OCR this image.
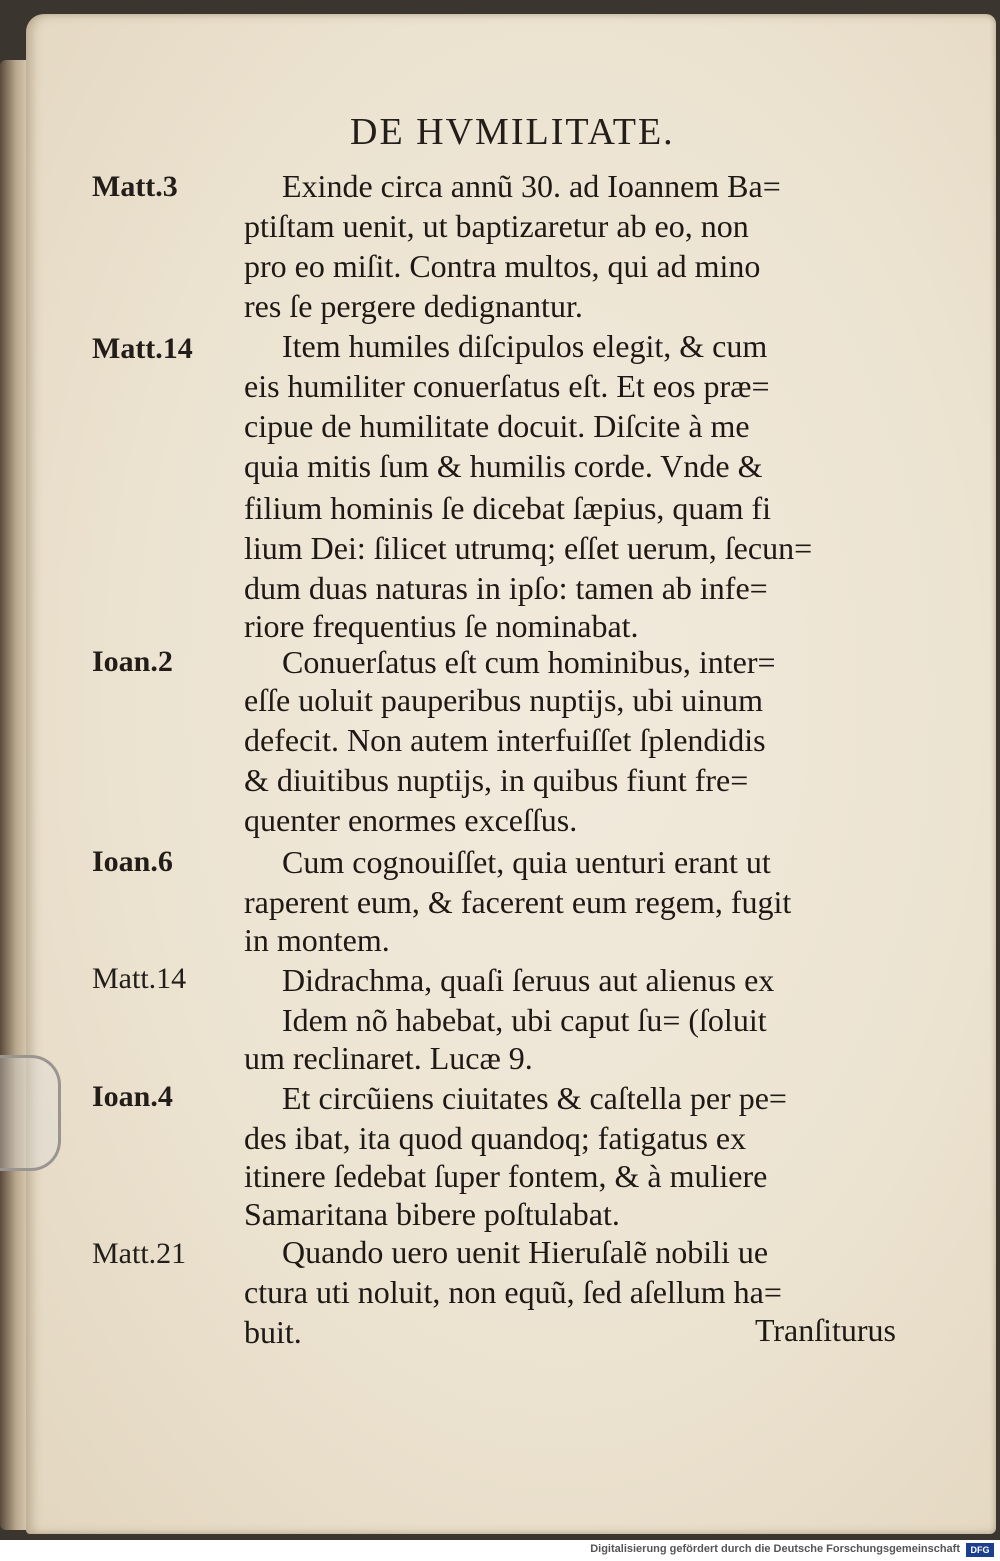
DE HVMILITATE.
Matt.3
Matt.14
Ioan.2
Ioan.6
Matt.14
Ioan.4
Matt.21
Exinde circa annũ 30. ad Ioannem Ba=
ptiſtam uenit, ut baptizaretur ab eo, non
pro eo miſit. Contra multos, qui ad mino
res ſe pergere dedignantur.
Item humiles diſcipulos elegit, & cum
eis humiliter conuerſatus eſt. Et eos præ=
cipue de humilitate docuit. Diſcite à me
quia mitis ſum & humilis corde. Vnde &
filium hominis ſe dicebat ſæpius, quam fi
lium Dei: ſilicet utrumq; eſſet uerum, ſecun=
dum duas naturas in ipſo: tamen ab infe=
riore frequentius ſe nominabat.
Conuerſatus eſt cum hominibus, inter=
eſſe uoluit pauperibus nuptijs, ubi uinum
defecit. Non autem interfuiſſet ſplendidis
& diuitibus nuptijs, in quibus fiunt fre=
quenter enormes exceſſus.
Cum cognouiſſet, quia uenturi erant ut
raperent eum, & facerent eum regem, fugit
in montem.
Didrachma, quaſi ſeruus aut alienus ex
Idem nõ habebat, ubi caput ſu= (ſoluit
um reclinaret. Lucæ 9.
Et circũiens ciuitates & caſtella per pe=
des ibat, ita quod quandoq; fatigatus ex
itinere ſedebat ſuper fontem, & à muliere
Samaritana bibere poſtulabat.
Quando uero uenit Hieruſalẽ nobili ue
ctura uti noluit, non equũ, ſed aſellum ha=
buit.	Tranſiturus
Digitalisierung gefördert durch die Deutsche Forschungsgemeinschaft	DFG
